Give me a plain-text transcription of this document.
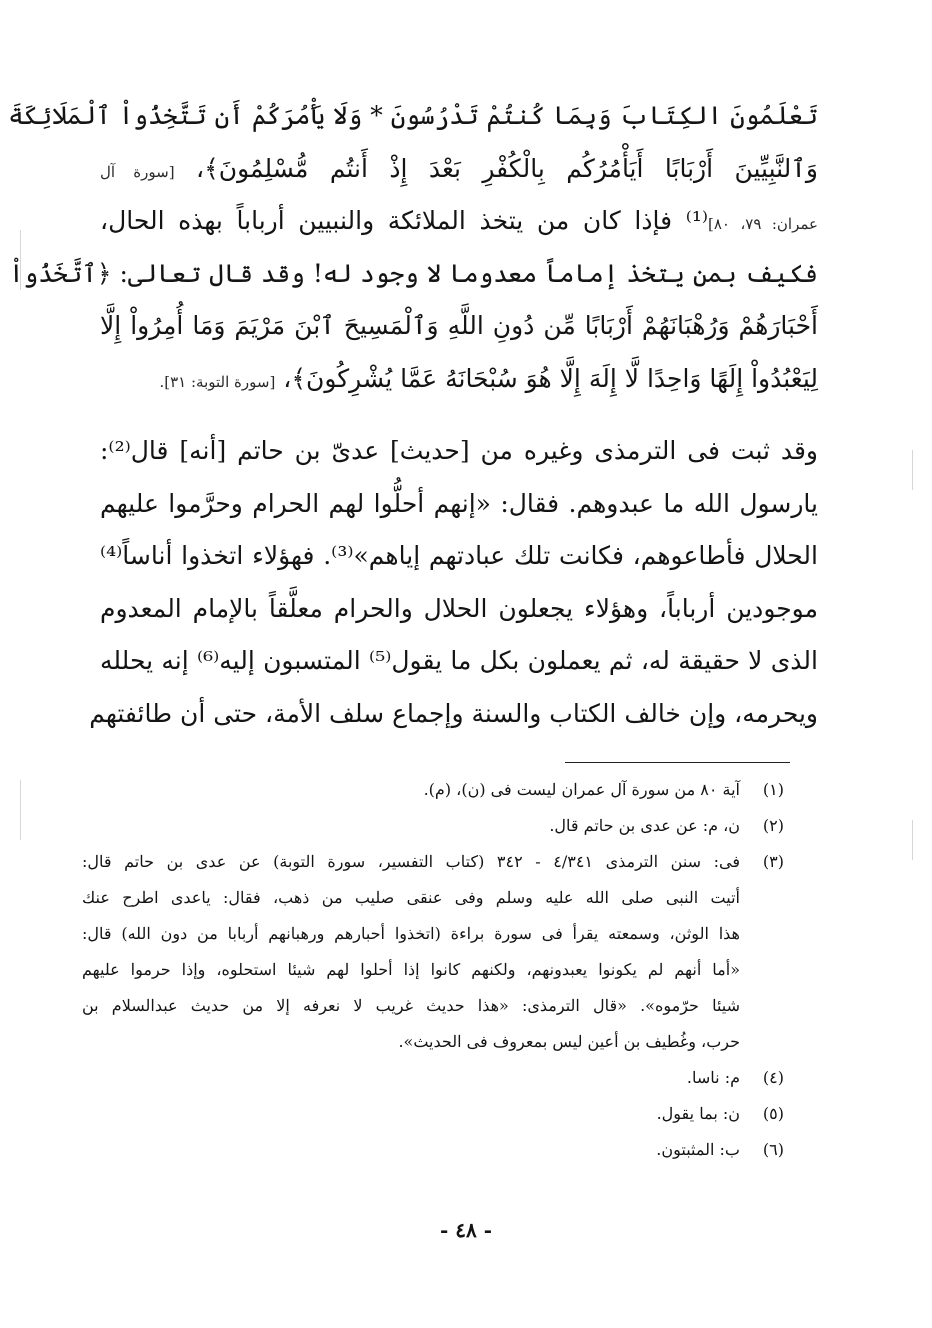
تَعْلَمُونَ الكِتَابَ وَبِمَا كُنتُمْ تَدْرُسُونَ * وَلَا يَأْمُرَكُمْ أَن تَتَّخِذُواْ ٱلْمَلَائِكَةَ
وَٱلنَّبِيِّينَ أَرْبَابًا أَيَأْمُرُكُم بِالْكُفْرِ بَعْدَ إِذْ أَنتُم مُّسْلِمُونَ﴾، [سورة آل
عمران: ٧٩، ٨٠]⁽¹⁾ فإذا كان من يتخذ الملائكة والنبيين أرباباً بهذه الحال،
فكيف بمن يتخذ إماماً معدوما لا وجود له! وقد قال تعالى: ﴿ٱتَّخَذُواْ
أَحْبَارَهُمْ وَرُهْبَانَهُمْ أَرْبَابًا مِّن دُونِ اللَّهِ وَٱلْمَسِيحَ ٱبْنَ مَرْيَمَ وَمَا أُمِرُواْ إِلَّا
لِيَعْبُدُواْ إِلَهًا وَاحِدًا لَّا إِلَهَ إِلَّا هُوَ سُبْحَانَهُ عَمَّا يُشْرِكُونَ﴾، [سورة التوبة: ٣١].
وقد ثبت فى الترمذى وغيره من [حديث] عدىّ بن حاتم [أنه] قال⁽²⁾:
يارسول الله ما عبدوهم. فقال: «إنهم أحلُّوا لهم الحرام وحرَّموا عليهم
الحلال فأطاعوهم، فكانت تلك عبادتهم إياهم»⁽³⁾. فهؤلاء اتخذوا أناساً⁽⁴⁾
موجودين أرباباً، وهؤلاء يجعلون الحلال والحرام معلَّقاً بالإمام المعدوم
الذى لا حقيقة له، ثم يعملون بكل ما يقول⁽⁵⁾ المتسبون إليه⁽⁶⁾ إنه يحلله
ويحرمه، وإن خالف الكتاب والسنة وإجماع سلف الأمة، حتى أن طائفتهم
(١)
آية ٨٠ من سورة آل عمران ليست فى (ن)، (م).
(٢)
ن، م: عن عدى بن حاتم قال.
(٣)
فى: سنن الترمذى ٤/٣٤١ - ٣٤٢ (كتاب التفسير، سورة التوبة) عن عدى بن حاتم قال:
أتيت النبى صلى الله عليه وسلم وفى عنقى صليب من ذهب، فقال: ياعدى اطرح عنك
هذا الوثن، وسمعته يقرأ فى سورة براءة (اتخذوا أحبارهم ورهبانهم أربابا من دون الله) قال:
«أما أنهم لم يكونوا يعبدونهم، ولكنهم كانوا إذا أحلوا لهم شيئا استحلوه، وإذا حرموا عليهم
شيئا حرّموه». «قال الترمذى: «هذا حديث غريب لا نعرفه إلا من حديث عبدالسلام بن
حرب، وغُطيف بن أعين ليس بمعروف فى الحديث».
(٤)
م: ناسا.
(٥)
ن: بما يقول.
(٦)
ب: المثبتون.
- ٤٨ -
